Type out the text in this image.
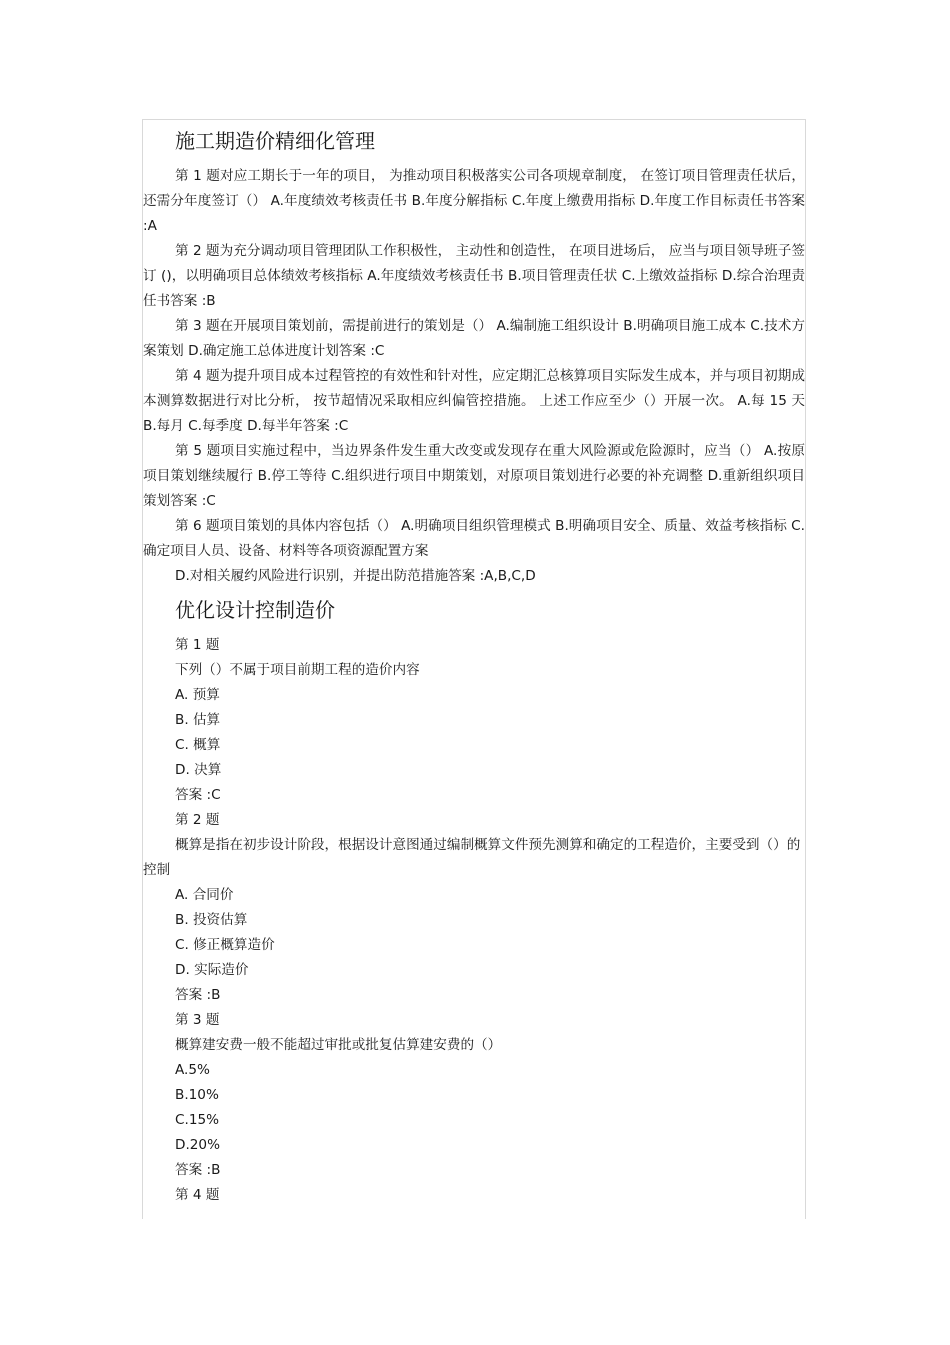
施工期造价精细化管理

第 1 题对应工期长于一年的项目， 为推动项目积极落实公司各项规章制度， 在签订项目管理责任状后，还需分年度签订（） A.年度绩效考核责任书 B.年度分解指标 C.年度上缴费用指标 D.年度工作目标责任书答案 :A

第 2 题为充分调动项目管理团队工作积极性， 主动性和创造性， 在项目进场后， 应当与项目领导班子签订 ()，以明确项目总体绩效考核指标 A.年度绩效考核责任书 B.项目管理责任状 C.上缴效益指标 D.综合治理责任书答案 :B

第 3 题在开展项目策划前，需提前进行的策划是（） A.编制施工组织设计 B.明确项目施工成本 C.技术方案策划 D.确定施工总体进度计划答案 :C

第 4 题为提升项目成本过程管控的有效性和针对性，应定期汇总核算项目实际发生成本，并与项目初期成本测算数据进行对比分析， 按节超情况采取相应纠偏管控措施。 上述工作应至少（）开展一次。 A.每 15 天 B.每月 C.每季度 D.每半年答案 :C

第 5 题项目实施过程中，当边界条件发生重大改变或发现存在重大风险源或危险源时，应当（） A.按原项目策划继续履行 B.停工等待 C.组织进行项目中期策划，对原项目策划进行必要的补充调整 D.重新组织项目策划答案 :C

第 6 题项目策划的具体内容包括（） A.明确项目组织管理模式 B.明确项目安全、质量、效益考核指标 C.确定项目人员、设备、材料等各项资源配置方案

D.对相关履约风险进行识别，并提出防范措施答案 :A,B,C,D

优化设计控制造价

第 1 题

下列（）不属于项目前期工程的造价内容

A. 预算

B. 估算

C. 概算

D. 决算

答案 :C

第 2 题

概算是指在初步设计阶段，根据设计意图通过编制概算文件预先测算和确定的工程造价，主要受到（）的控制

A. 合同价

B. 投资估算

C. 修正概算造价

D. 实际造价

答案 :B

第 3 题

概算建安费一般不能超过审批或批复估算建安费的（）

A.5%

B.10%

C.15%

D.20%

答案 :B

第 4 题
